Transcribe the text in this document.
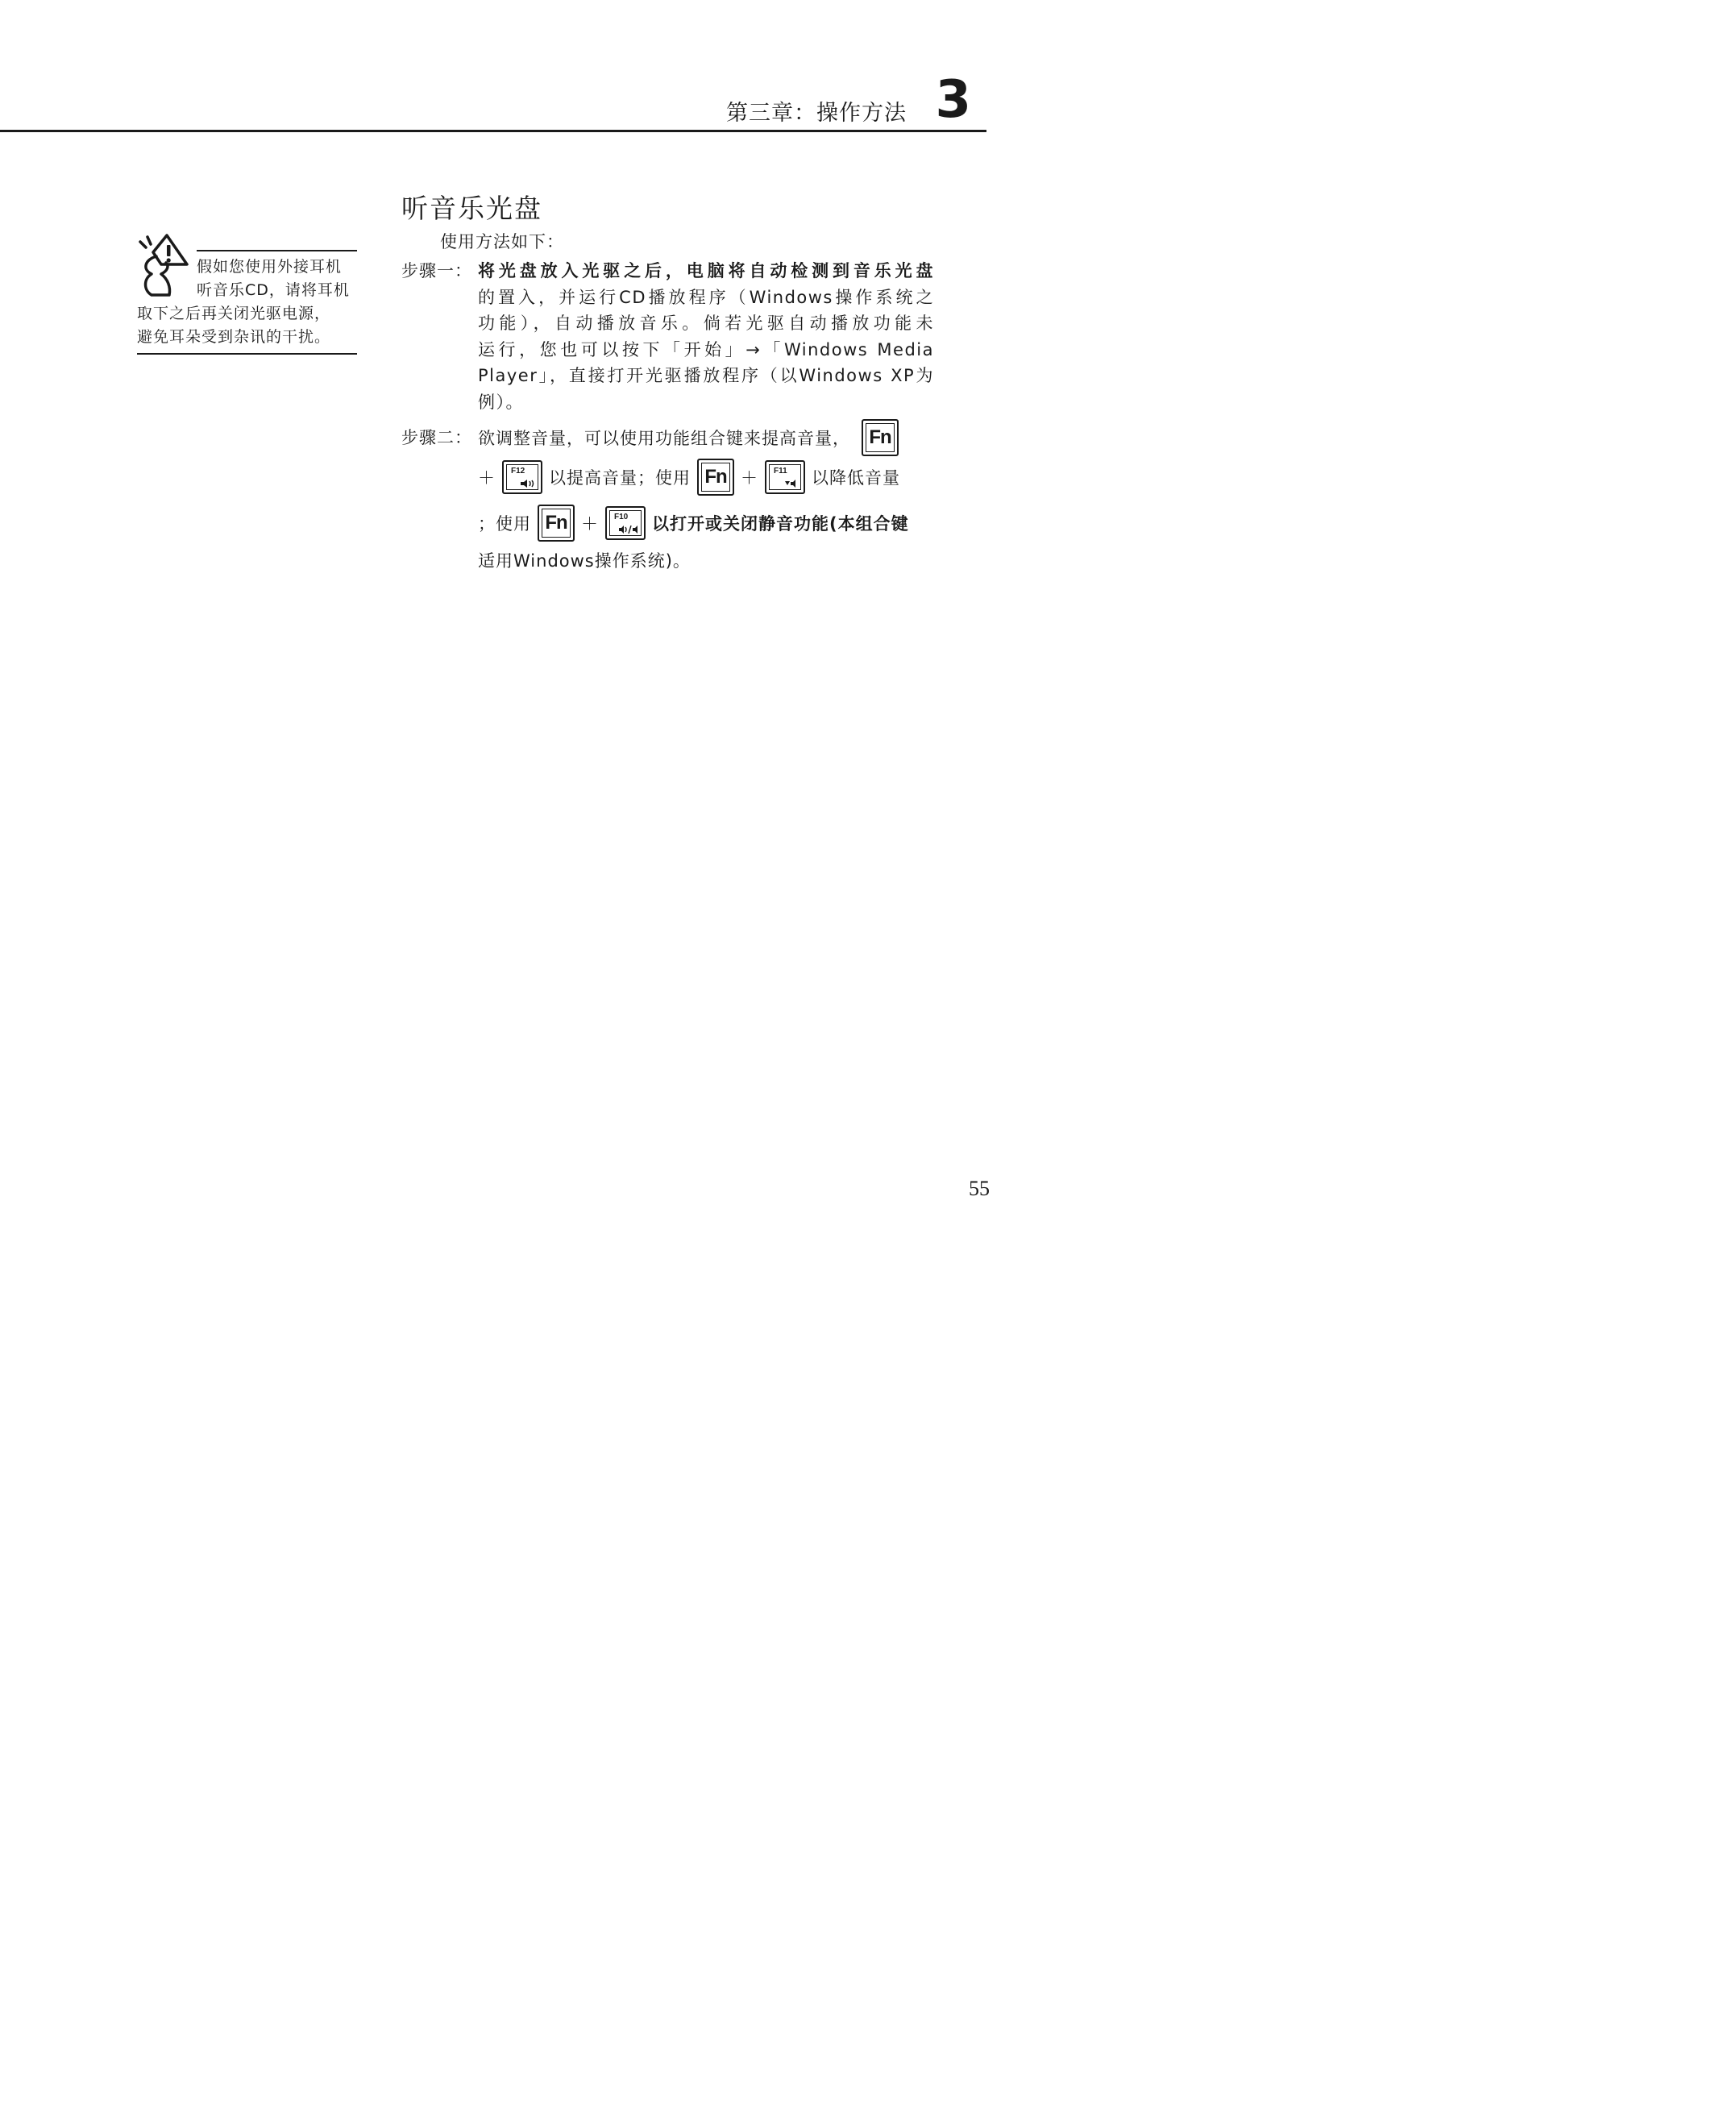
第三章：操作方法 3
假如您使用外接耳机
听音乐CD，请将耳机
取下之后再关闭光驱电源，
避免耳朵受到杂讯的干扰。
听音乐光盘
使用方法如下：
步骤一： 将光盘放入光驱之后，电脑将自动检测到音乐光盘
的置入，并运行CD播放程序（Windows操作系统之
功能），自动播放音乐。倘若光驱自动播放功能未
运行，您也可以按下「开始」→「Windows Media
Player」，直接打开光驱播放程序（以Windows XP为
例）。
步骤二： 欲调整音量，可以使用功能组合键来提高音量， Fn
＋ F12 以提高音量；使用 Fn ＋ F11 以降低音量
；使用 Fn ＋ F10 以打开或关闭静音功能(本组合键
适用Windows操作系统)。
55
